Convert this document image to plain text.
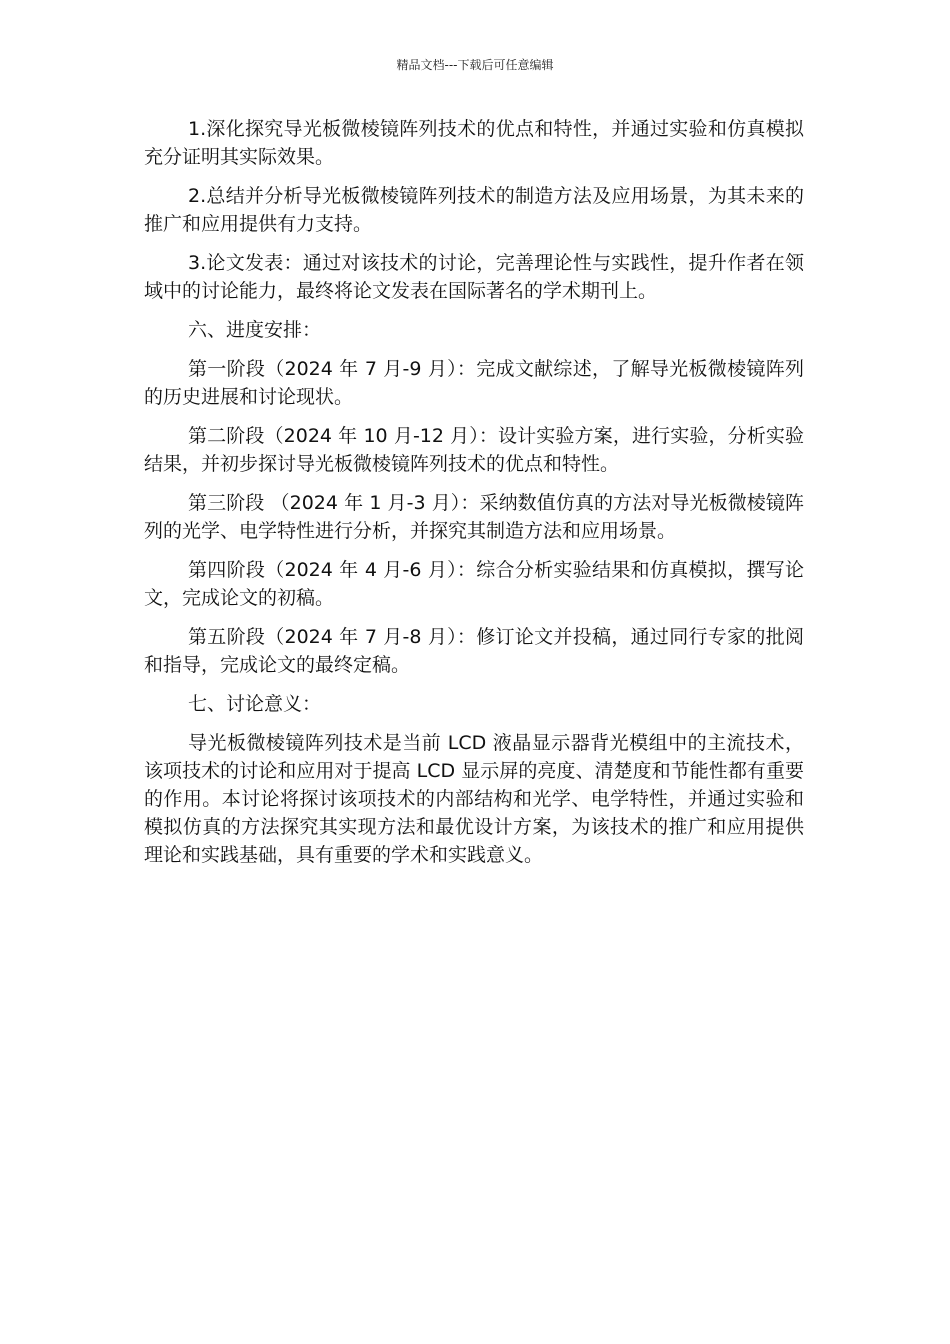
精品文档---下载后可任意编辑

1.深化探究导光板微棱镜阵列技术的优点和特性，并通过实验和仿真模拟充分证明其实际效果。

2.总结并分析导光板微棱镜阵列技术的制造方法及应用场景，为其未来的推广和应用提供有力支持。

3.论文发表：通过对该技术的讨论，完善理论性与实践性，提升作者在领域中的讨论能力，最终将论文发表在国际著名的学术期刊上。

六、进度安排：

第一阶段（2024 年 7 月-9 月）：完成文献综述，了解导光板微棱镜阵列的历史进展和讨论现状。

第二阶段（2024 年 10 月-12 月）：设计实验方案，进行实验，分析实验结果，并初步探讨导光板微棱镜阵列技术的优点和特性。

第三阶段 （2024 年 1 月-3 月）：采纳数值仿真的方法对导光板微棱镜阵列的光学、电学特性进行分析，并探究其制造方法和应用场景。

第四阶段（2024 年 4 月-6 月）：综合分析实验结果和仿真模拟，撰写论文，完成论文的初稿。

第五阶段（2024 年 7 月-8 月）：修订论文并投稿，通过同行专家的批阅和指导，完成论文的最终定稿。

七、讨论意义：

导光板微棱镜阵列技术是当前 LCD 液晶显示器背光模组中的主流技术，该项技术的讨论和应用对于提高 LCD 显示屏的亮度、清楚度和节能性都有重要的作用。本讨论将探讨该项技术的内部结构和光学、电学特性，并通过实验和模拟仿真的方法探究其实现方法和最优设计方案，为该技术的推广和应用提供理论和实践基础，具有重要的学术和实践意义。
